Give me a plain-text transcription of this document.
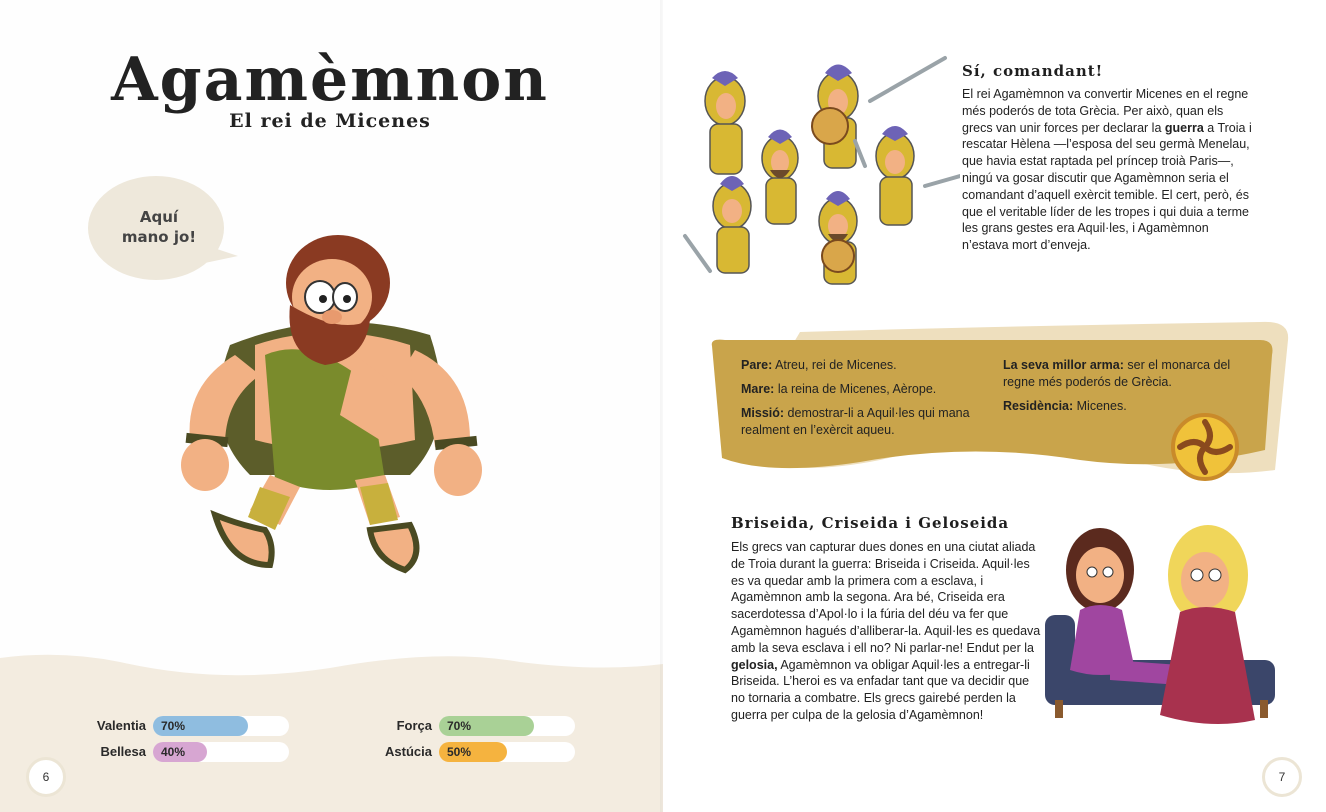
Agamèmnon
El rei de Micenes
Aquí
mano jo!
Valentia 70%
Bellesa 40%
Força 70%
Astúcia 50%
6
Sí, comandant!

El rei Agamèmnon va convertir Micenes en el regne més poderós de tota Grècia. Per això, quan els grecs van unir forces per declarar la guerra a Troia i rescatar Hèlena —l’esposa del seu germà Menelau, que havia estat raptada pel príncep troià Paris—, ningú va gosar discutir que Agamèmnon seria el comandant d’aquell exèrcit temible. El cert, però, és que el veritable líder de les tropes i qui duia a terme les grans gestes era Aquil·les, i Agamèmnon n’estava mort d’enveja.

Pare: Atreu, rei de Micenes.

Mare: la reina de Micenes, Aèrope.

Missió: demostrar-li a Aquil·les qui mana realment en l’exèrcit aqueu.

La seva millor arma: ser el monarca del regne més poderós de Grècia.

Residència: Micenes.

Briseida, Criseida i Geloseida

Els grecs van capturar dues dones en una ciutat aliada de Troia durant la guerra: Briseida i Criseida. Aquil·les es va quedar amb la primera com a esclava, i Agamèmnon amb la segona. Ara bé, Criseida era sacerdotessa d’Apol·lo i la fúria del déu va fer que Agamèmnon hagués d’alliberar-la. Aquil·les es quedava amb la seva esclava i ell no? Ni parlar-ne! Endut per la gelosia, Agamèmnon va obligar Aquil·les a entregar-li Briseida. L’heroi es va enfadar tant que va decidir que no tornaria a combatre. Els grecs gairebé perden la guerra per culpa de la gelosia d’Agamèmnon!

7
